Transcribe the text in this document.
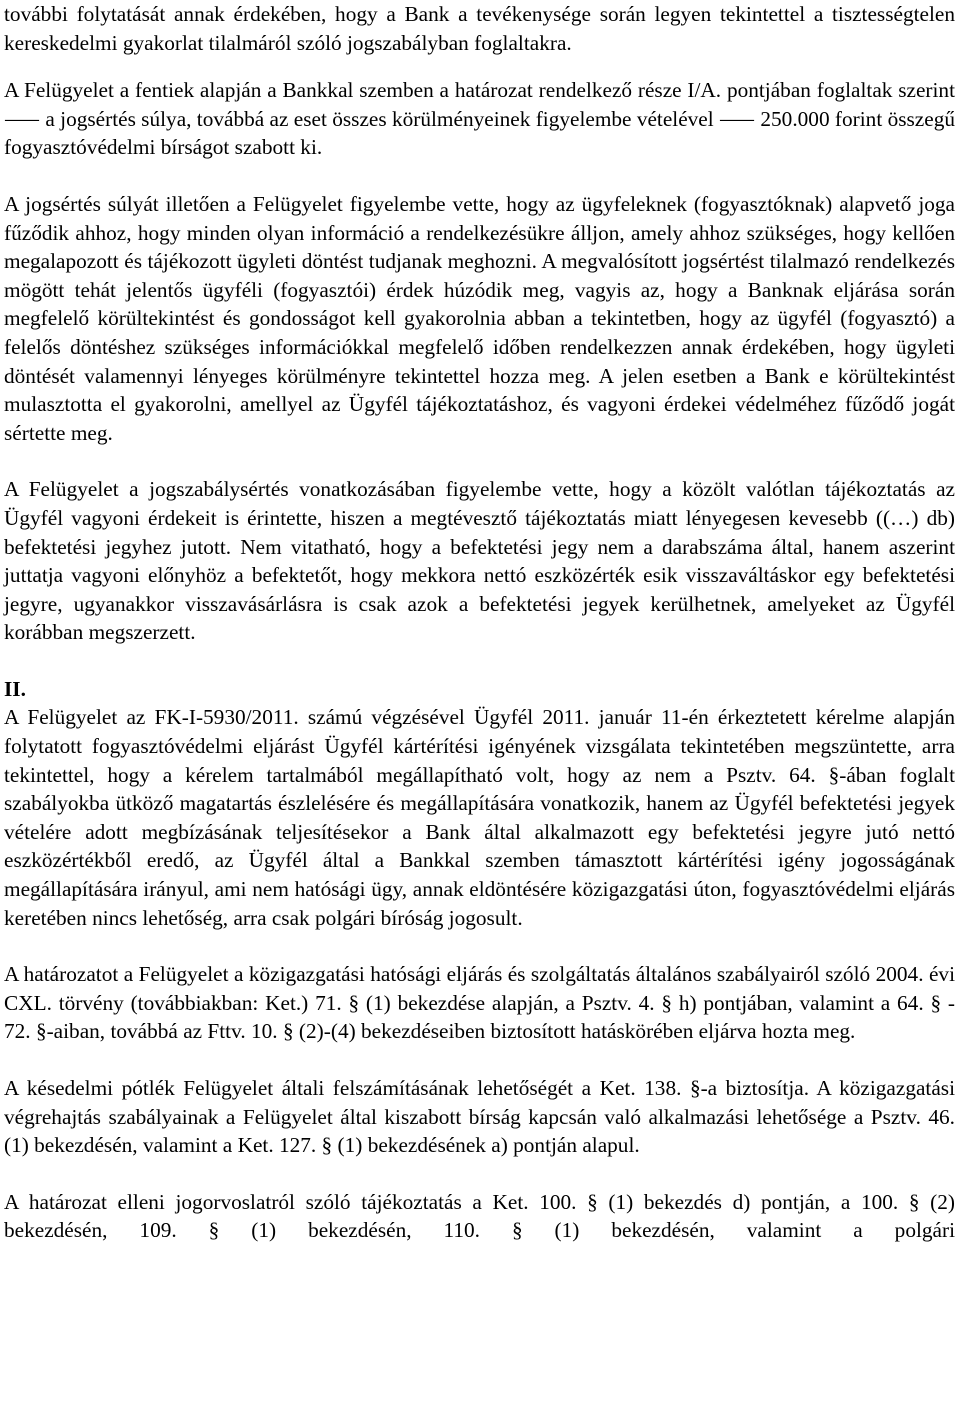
további folytatását annak érdekében, hogy a Bank a tevékenysége során legyen tekintettel a tisztességtelen kereskedelmi gyakorlat tilalmáról szóló jogszabályban foglaltakra.

A Felügyelet a fentiek alapján a Bankkal szemben a határozat rendelkező része I/A. pontjában foglaltak szerint ⸺ a jogsértés súlya, továbbá az eset összes körülményeinek figyelembe vételével ⸺ 250.000 forint összegű fogyasztóvédelmi bírságot szabott ki.

A jogsértés súlyát illetően a Felügyelet figyelembe vette, hogy az ügyfeleknek (fogyasztóknak) alapvető joga fűződik ahhoz, hogy minden olyan információ a rendelkezésükre álljon, amely ahhoz szükséges, hogy kellően megalapozott és tájékozott ügyleti döntést tudjanak meghozni. A megvalósított jogsértést tilalmazó rendelkezés mögött tehát jelentős ügyféli (fogyasztói) érdek húzódik meg, vagyis az, hogy a Banknak eljárása során megfelelő körültekintést és gondosságot kell gyakorolnia abban a tekintetben, hogy az ügyfél (fogyasztó) a felelős döntéshez szükséges információkkal megfelelő időben rendelkezzen annak érdekében, hogy ügyleti döntését valamennyi lényeges körülményre tekintettel hozza meg. A jelen esetben a Bank e körültekintést mulasztotta el gyakorolni, amellyel az Ügyfél tájékoztatáshoz, és vagyoni érdekei védelméhez fűződő jogát sértette meg.

A Felügyelet a jogszabálysértés vonatkozásában figyelembe vette, hogy a közölt valótlan tájékoztatás az Ügyfél vagyoni érdekeit is érintette, hiszen a megtévesztő tájékoztatás miatt lényegesen kevesebb ((…) db) befektetési jegyhez jutott. Nem vitatható, hogy a befektetési jegy nem a darabszáma által, hanem aszerint juttatja vagyoni előnyhöz a befektetőt, hogy mekkora nettó eszközérték esik visszaváltáskor egy befektetési jegyre, ugyanakkor visszavásárlásra is csak azok a befektetési jegyek kerülhetnek, amelyeket az Ügyfél korábban megszerzett.

II.

A Felügyelet az FK-I-5930/2011. számú végzésével Ügyfél 2011. január 11-én érkeztetett kérelme alapján folytatott fogyasztóvédelmi eljárást Ügyfél kártérítési igényének vizsgálata tekintetében megszüntette, arra tekintettel, hogy a kérelem tartalmából megállapítható volt, hogy az nem a Psztv. 64. §-ában foglalt szabályokba ütköző magatartás észlelésére és megállapítására vonatkozik, hanem az Ügyfél befektetési jegyek vételére adott megbízásának teljesítésekor a Bank által alkalmazott egy befektetési jegyre jutó nettó eszközértékből eredő, az Ügyfél által a Bankkal szemben támasztott kártérítési igény jogosságának megállapítására irányul, ami nem hatósági ügy, annak eldöntésére közigazgatási úton, fogyasztóvédelmi eljárás keretében nincs lehetőség, arra csak polgári bíróság jogosult.

A határozatot a Felügyelet a közigazgatási hatósági eljárás és szolgáltatás általános szabályairól szóló 2004. évi CXL. törvény (továbbiakban: Ket.) 71. § (1) bekezdése alapján, a Psztv. 4. § h) pontjában, valamint a 64. § - 72. §-aiban, továbbá az Fttv. 10. § (2)-(4) bekezdéseiben biztosított hatáskörében eljárva hozta meg.

A késedelmi pótlék Felügyelet általi felszámításának lehetőségét a Ket. 138. §-a biztosítja. A közigazgatási végrehajtás szabályainak a Felügyelet által kiszabott bírság kapcsán való alkalmazási lehetősége a Psztv. 46. (1) bekezdésén, valamint a Ket. 127. § (1) bekezdésének a) pontján alapul.

A határozat elleni jogorvoslatról szóló tájékoztatás a Ket. 100. § (1) bekezdés d) pontján, a 100. § (2) bekezdésén, 109. § (1) bekezdésén, 110. § (1) bekezdésén, valamint a polgári
